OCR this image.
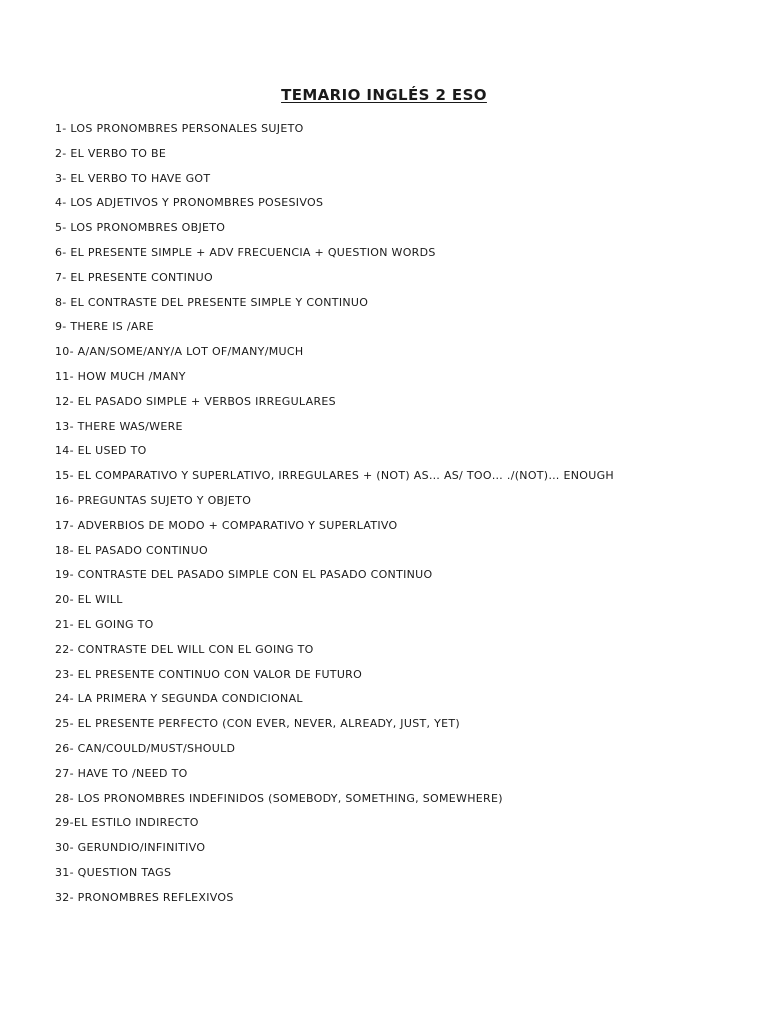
TEMARIO INGLÉS 2 ESO
1- LOS PRONOMBRES PERSONALES SUJETO
2- EL VERBO TO BE
3- EL VERBO TO HAVE GOT
4- LOS ADJETIVOS Y PRONOMBRES POSESIVOS
5- LOS PRONOMBRES OBJETO
6- EL PRESENTE SIMPLE + ADV FRECUENCIA + QUESTION WORDS
7- EL PRESENTE CONTINUO
8- EL CONTRASTE DEL PRESENTE SIMPLE Y CONTINUO
9- THERE IS /ARE
10- A/AN/SOME/ANY/A LOT OF/MANY/MUCH
11- HOW MUCH /MANY
12- EL PASADO SIMPLE + VERBOS IRREGULARES
13- THERE WAS/WERE
14- EL USED TO
15- EL COMPARATIVO Y SUPERLATIVO, IRREGULARES + (NOT) AS… AS/ TOO… ./(NOT)… ENOUGH
16- PREGUNTAS SUJETO Y OBJETO
17- ADVERBIOS DE MODO + COMPARATIVO Y SUPERLATIVO
18- EL PASADO CONTINUO
19- CONTRASTE DEL PASADO SIMPLE CON EL PASADO CONTINUO
20- EL WILL
21- EL GOING TO
22- CONTRASTE DEL WILL CON EL GOING TO
23- EL PRESENTE CONTINUO CON VALOR DE FUTURO
24- LA PRIMERA Y SEGUNDA CONDICIONAL
25- EL PRESENTE PERFECTO (CON EVER, NEVER, ALREADY, JUST, YET)
26- CAN/COULD/MUST/SHOULD
27- HAVE TO /NEED TO
28- LOS PRONOMBRES INDEFINIDOS (SOMEBODY, SOMETHING, SOMEWHERE)
29-EL ESTILO INDIRECTO
30- GERUNDIO/INFINITIVO
31- QUESTION TAGS
32- PRONOMBRES REFLEXIVOS
